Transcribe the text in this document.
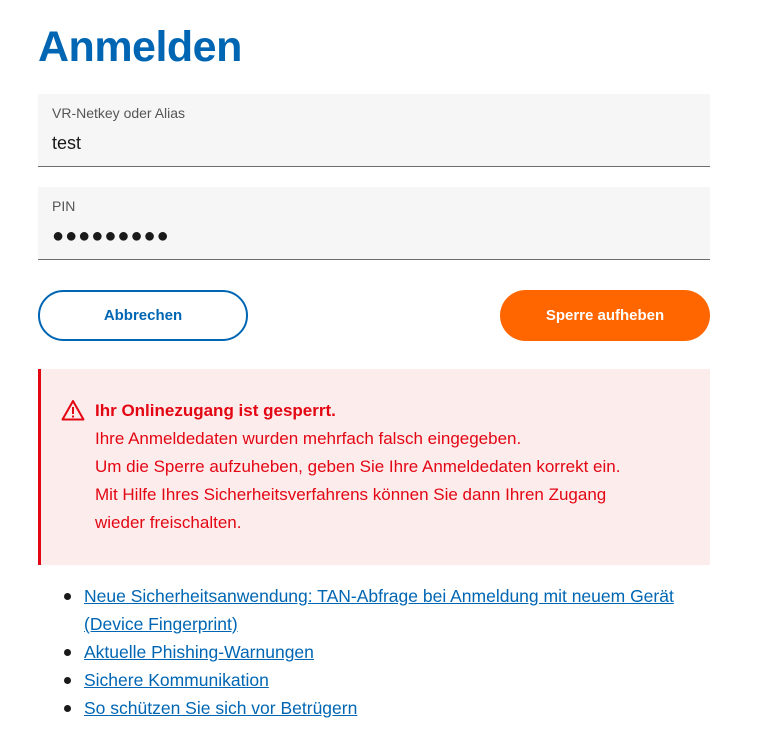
Anmelden
VR-Netkey oder Alias
test
PIN
●●●●●●●●●
Abbrechen	Sperre aufheben
Ihr Onlinezugang ist gesperrt.
Ihre Anmeldedaten wurden mehrfach falsch eingegeben.
Um die Sperre aufzuheben, geben Sie Ihre Anmeldedaten korrekt ein.
Mit Hilfe Ihres Sicherheitsverfahrens können Sie dann Ihren Zugang
wieder freischalten.
Neue Sicherheitsanwendung: TAN-Abfrage bei Anmeldung mit neuem Gerät (Device Fingerprint)
Aktuelle Phishing-Warnungen
Sichere Kommunikation
So schützen Sie sich vor Betrügern
